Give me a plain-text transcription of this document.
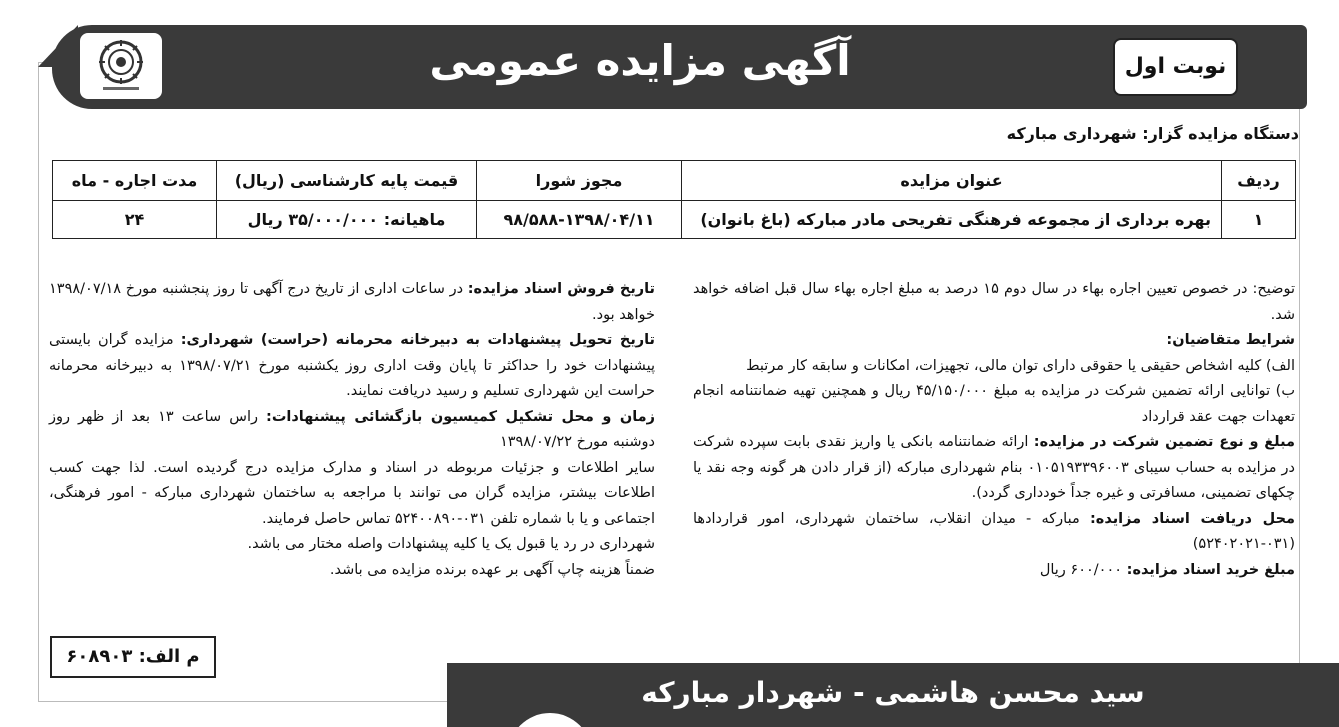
آگهی مزایده عمومی	نوبت اول
دستگاه مزایده گزار: شهرداری مبارکه
ردیف	عنوان مزایده	مجوز شورا	قیمت پایه کارشناسی (ریال)	مدت اجاره - ماه
۱	بهره برداری از مجموعه فرهنگی تفریحی مادر مبارکه (باغ بانوان)	۹۸/۵۸۸-۱۳۹۸/۰۴/۱۱	ماهیانه: ۳۵/۰۰۰/۰۰۰ ریال	۲۴

توضیح: در خصوص تعیین اجاره بهاء در سال دوم ۱۵ درصد به مبلغ اجاره بهاء سال قبل اضافه خواهد شد.

شرایط متقاضیان:

الف) کلیه اشخاص حقیقی یا حقوقی دارای توان مالی، تجهیزات، امکانات و سابقه کار مرتبط

ب) توانایی ارائه تضمین شرکت در مزایده به مبلغ ۴۵/۱۵۰/۰۰۰ ریال و همچنین تهیه ضمانتنامه انجام تعهدات جهت عقد قرارداد

مبلغ و نوع تضمین شرکت در مزایده: ارائه ضمانتنامه بانکی یا واریز نقدی بابت سپرده شرکت در مزایده به حساب سیبای ۰۱۰۵۱۹۳۳۹۶۰۰۳ بنام شهرداری مبارکه (از قرار دادن هر گونه وجه نقد یا چکهای تضمینی، مسافرتی و غیره جداً خودداری گردد).

محل دریافت اسناد مزایده: مبارکه - میدان انقلاب، ساختمان شهرداری، امور قراردادها (۰۳۱-۵۲۴۰۲۰۲۱)

مبلغ خرید اسناد مزایده: ۶۰۰/۰۰۰ ریال

تاریخ فروش اسناد مزایده: در ساعات اداری از تاریخ درج آگهی تا روز پنجشنبه مورخ ۱۳۹۸/۰۷/۱۸ خواهد بود.

تاریخ تحویل پیشنهادات به دبیرخانه محرمانه (حراست) شهرداری: مزایده گران بایستی پیشنهادات خود را حداکثر تا پایان وقت اداری روز یکشنبه مورخ ۱۳۹۸/۰۷/۲۱ به دبیرخانه محرمانه حراست این شهرداری تسلیم و رسید دریافت نمایند.

زمان و محل تشکیل کمیسیون بازگشائی پیشنهادات: راس ساعت ۱۳ بعد از ظهر روز دوشنبه مورخ ۱۳۹۸/۰۷/۲۲

سایر اطلاعات و جزئیات مربوطه در اسناد و مدارک مزایده درج گردیده است. لذا جهت کسب اطلاعات بیشتر، مزایده گران می توانند با مراجعه به ساختمان شهرداری مبارکه - امور فرهنگی، اجتماعی و یا با شماره تلفن ۰۳۱-۵۲۴۰۰۸۹۰ تماس حاصل فرمایند.

شهرداری در رد یا قبول یک یا کلیه پیشنهادات واصله مختار می باشد.

ضمناً هزینه چاپ آگهی بر عهده برنده مزایده می باشد.

م الف: ۶۰۸۹۰۳
سید محسن هاشمی - شهردار مبارکه
